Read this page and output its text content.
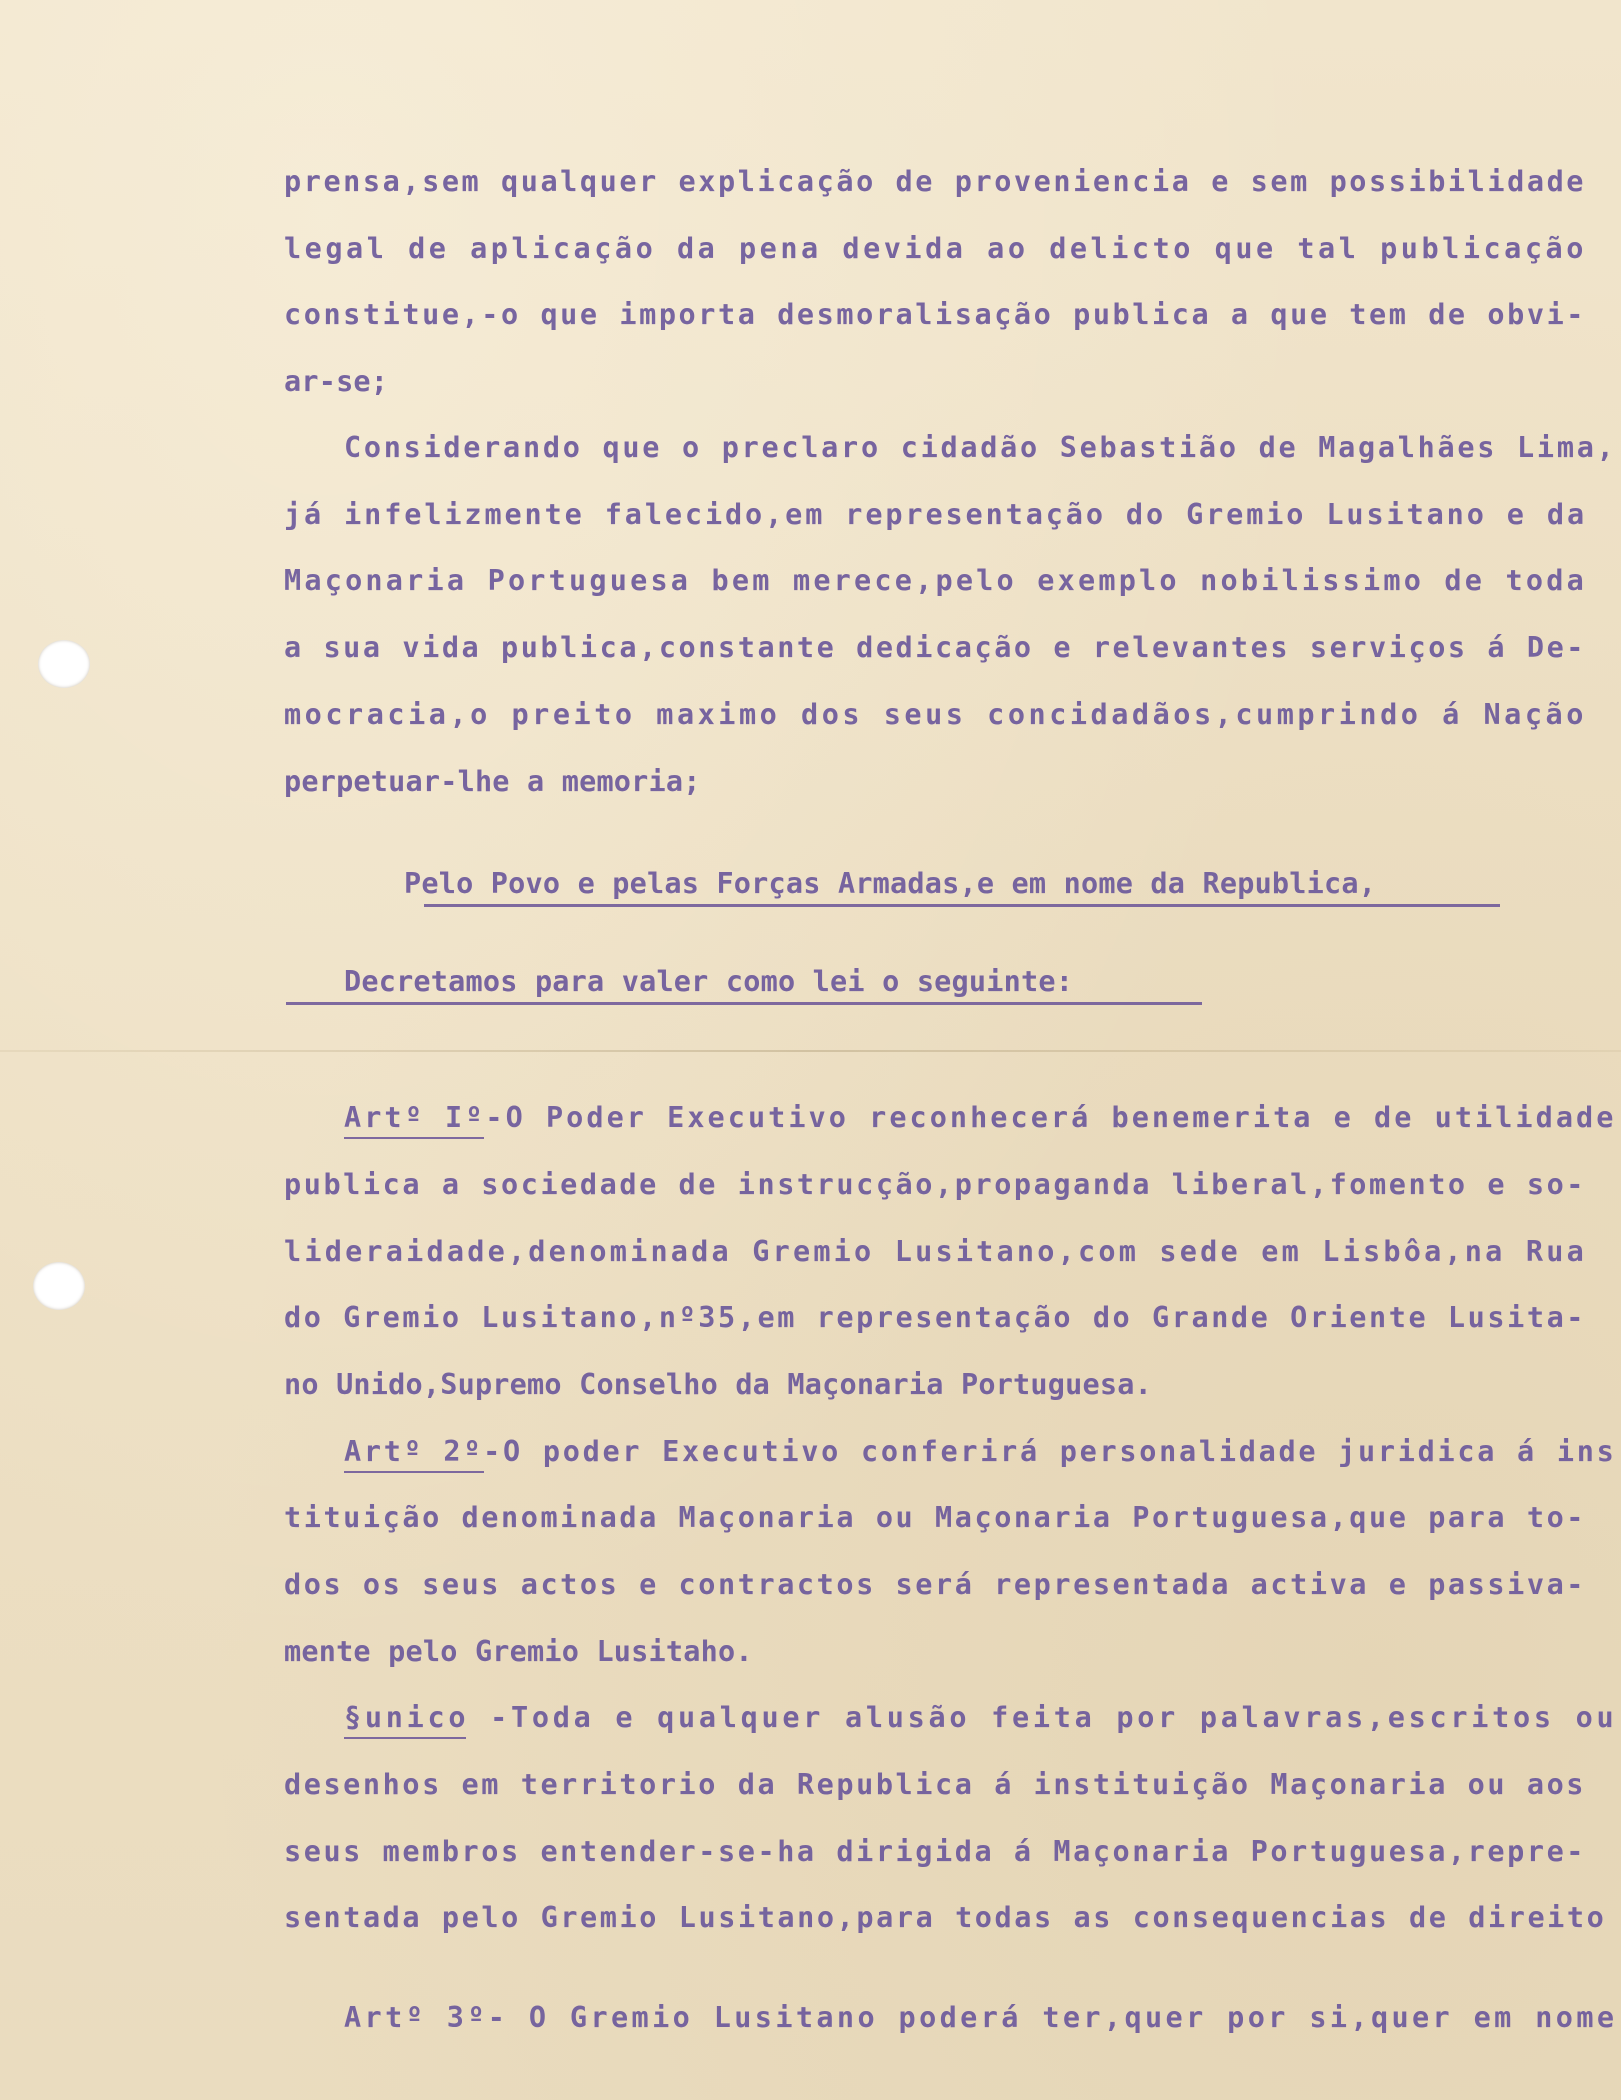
prensa,sem qualquer explicação de proveniencia e sem possibilidade
legal de aplicação da pena devida ao delicto que tal publicação
constitue,-o que importa desmoralisação publica a que tem de obvi-
ar-se;
Considerando que o preclaro cidadão Sebastião de Magalhães Lima,
já infelizmente falecido,em representação do Gremio Lusitano e da
Maçonaria Portuguesa bem merece,pelo exemplo nobilissimo de toda
a sua vida publica,constante dedicação e relevantes serviços á De-
mocracia,o preito maximo dos seus concidadãos,cumprindo á Nação
perpetuar-lhe a memoria;
Pelo Povo e pelas Forças Armadas,e em nome da Republica,
Decretamos para valer como lei o seguinte:
Artº Iº-O Poder Executivo reconhecerá benemerita e de utilidade
publica a sociedade de instrucção,propaganda liberal,fomento e so-
lideraidade,denominada Gremio Lusitano,com sede em Lisbôa,na Rua
do Gremio Lusitano,nº35,em representação do Grande Oriente Lusita-
no Unido,Supremo Conselho da Maçonaria Portuguesa.
Artº 2º-O poder Executivo conferirá personalidade juridica á ins
tituição denominada Maçonaria ou Maçonaria Portuguesa,que para to-
dos os seus actos e contractos será representada activa e passiva-
mente pelo Gremio Lusitaho.
§unico -Toda e qualquer alusão feita por palavras,escritos ou
desenhos em territorio da Republica á instituição Maçonaria ou aos
seus membros entender-se-ha dirigida á Maçonaria Portuguesa,repre-
sentada pelo Gremio Lusitano,para todas as consequencias de direito
Artº 3º- O Gremio Lusitano poderá ter,quer por si,quer em nome
